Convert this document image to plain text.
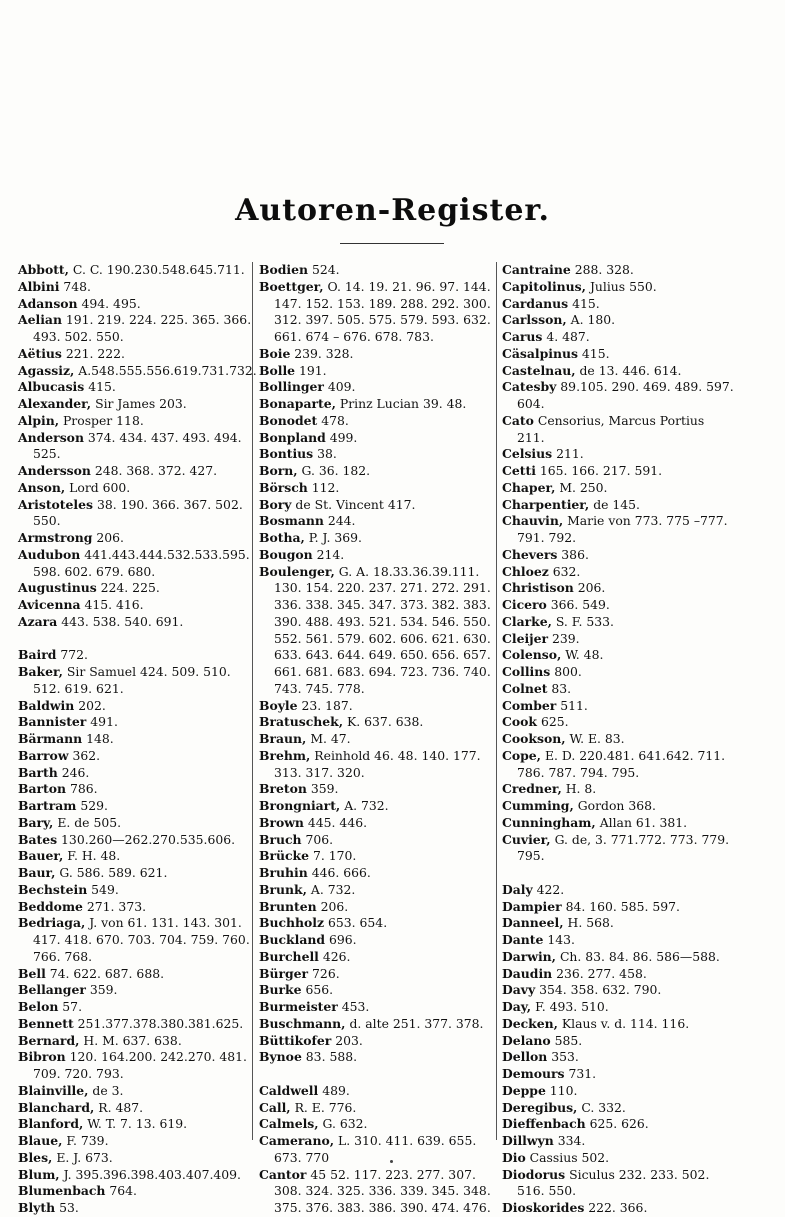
Autoren-Register.
Abbott, C. C. 190.230.548.645.711.
Albini 748.
Adanson 494. 495.
Aelian 191. 219. 224. 225. 365. 366.
493. 502. 550.
Aëtius 221. 222.
Agassiz, A.548.555.556.619.731.732.
Albucasis 415.
Alexander, Sir James 203.
Alpin, Prosper 118.
Anderson 374. 434. 437. 493. 494.
525.
Andersson 248. 368. 372. 427.
Anson, Lord 600.
Aristoteles 38. 190. 366. 367. 502.
550.
Armstrong 206.
Audubon 441.443.444.532.533.595.
598. 602. 679. 680.
Augustinus 224. 225.
Avicenna 415. 416.
Azara 443. 538. 540. 691.
Baird 772.
Baker, Sir Samuel 424. 509. 510.
512. 619. 621.
Baldwin 202.
Bannister 491.
Bärmann 148.
Barrow 362.
Barth 246.
Barton 786.
Bartram 529.
Bary, E. de 505.
Bates 130.260—262.270.535.606.
Bauer, F. H. 48.
Baur, G. 586. 589. 621.
Bechstein 549.
Beddome 271. 373.
Bedriaga, J. von 61. 131. 143. 301.
417. 418. 670. 703. 704. 759. 760.
766. 768.
Bell 74. 622. 687. 688.
Bellanger 359.
Belon 57.
Bennett 251.377.378.380.381.625.
Bernard, H. M. 637. 638.
Bibron 120. 164.200. 242.270. 481.
709. 720. 793.
Blainville, de 3.
Blanchard, R. 487.
Blanford, W. T. 7. 13. 619.
Blaue, F. 739.
Bles, E. J. 673.
Blum, J. 395.396.398.403.407.409.
Blumenbach 764.
Blyth 53.
Bodien 524.
Boettger, O. 14. 19. 21. 96. 97. 144.
147. 152. 153. 189. 288. 292. 300.
312. 397. 505. 575. 579. 593. 632.
661. 674 – 676. 678. 783.
Boie 239. 328.
Bolle 191.
Bollinger 409.
Bonaparte, Prinz Lucian 39. 48.
Bonodet 478.
Bonpland 499.
Bontius 38.
Born, G. 36. 182.
Börsch 112.
Bory de St. Vincent 417.
Bosmann 244.
Botha, P. J. 369.
Bougon 214.
Boulenger, G. A. 18.33.36.39.111.
130. 154. 220. 237. 271. 272. 291.
336. 338. 345. 347. 373. 382. 383.
390. 488. 493. 521. 534. 546. 550.
552. 561. 579. 602. 606. 621. 630.
633. 643. 644. 649. 650. 656. 657.
661. 681. 683. 694. 723. 736. 740.
743. 745. 778.
Boyle 23. 187.
Bratuschek, K. 637. 638.
Braun, M. 47.
Brehm, Reinhold 46. 48. 140. 177.
313. 317. 320.
Breton 359.
Brongniart, A. 732.
Brown 445. 446.
Bruch 706.
Brücke 7. 170.
Bruhin 446. 666.
Brunk, A. 732.
Brunten 206.
Buchholz 653. 654.
Buckland 696.
Burchell 426.
Bürger 726.
Burke 656.
Burmeister 453.
Buschmann, d. alte 251. 377. 378.
Büttikofer 203.
Bynoe 83. 588.
Caldwell 489.
Call, R. E. 776.
Calmels, G. 632.
Camerano, L. 310. 411. 639. 655.
673. 770
Cantor 45 52. 117. 223. 277. 307.
308. 324. 325. 336. 339. 345. 348.
375. 376. 383. 386. 390. 474. 476.
Cantraine 288. 328.
Capitolinus, Julius 550.
Cardanus 415.
Carlsson, A. 180.
Carus 4. 487.
Cäsalpinus 415.
Castelnau, de 13. 446. 614.
Catesby 89.105. 290. 469. 489. 597.
604.
Cato Censorius, Marcus Portius
211.
Celsius 211.
Cetti 165. 166. 217. 591.
Chaper, M. 250.
Charpentier, de 145.
Chauvin, Marie von 773. 775 –777.
791. 792.
Chevers 386.
Chloez 632.
Christison 206.
Cicero 366. 549.
Clarke, S. F. 533.
Cleijer 239.
Colenso, W. 48.
Collins 800.
Colnet 83.
Comber 511.
Cook 625.
Cookson, W. E. 83.
Cope, E. D. 220.481. 641.642. 711.
786. 787. 794. 795.
Credner, H. 8.
Cumming, Gordon 368.
Cunningham, Allan 61. 381.
Cuvier, G. de, 3. 771.772. 773. 779.
795.
Daly 422.
Dampier 84. 160. 585. 597.
Danneel, H. 568.
Dante 143.
Darwin, Ch. 83. 84. 86. 586—588.
Daudin 236. 277. 458.
Davy 354. 358. 632. 790.
Day, F. 493. 510.
Decken, Klaus v. d. 114. 116.
Delano 585.
Dellon 353.
Demours 731.
Deppe 110.
Deregibus, C. 332.
Dieffenbach 625. 626.
Dillwyn 334.
Dio Cassius 502.
Diodorus Siculus 232. 233. 502.
516. 550.
Dioskorides 222. 366.
